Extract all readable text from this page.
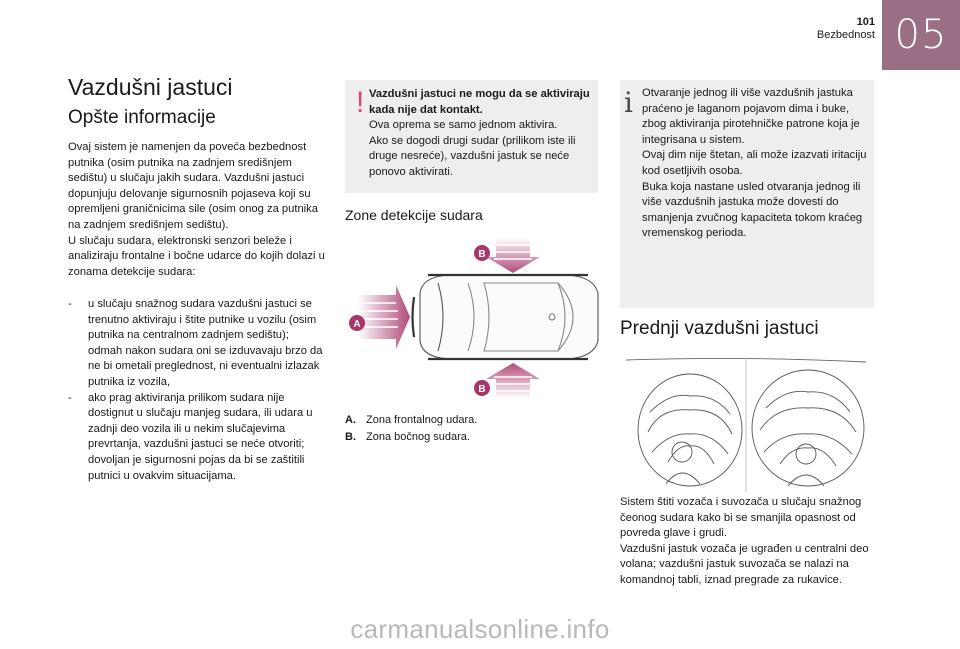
101
Bezbednost 05
Vazdušni jastuci
Opšte informacije
Ovaj sistem je namenjen da poveća bezbednost putnika (osim putnika na zadnjem središnjem sedištu) u slučaju jakih sudara. Vazdušni jastuci dopunjuju delovanje sigurnosnih pojaseva koji su opremljeni graničnicima sile (osim onog za putnika na zadnjem središnjem sedištu).
U slučaju sudara, elektronski senzori beleže i analiziraju frontalne i bočne udarce do kojih dolazi u zonama detekcije sudara:
-	u slučaju snažnog sudara vazdušni jastuci se trenutno aktiviraju i štite putnike u vozilu (osim putnika na centralnom zadnjem sedištu); odmah nakon sudara oni se izduvavaju brzo da ne bi ometali preglednost, ni eventualni izlazak putnika iz vozila,
-	ako prag aktiviranja prilikom sudara nije dostignut u slučaju manjeg sudara, ili udara u zadnji deo vozila ili u nekim slučajevima prevrtanja, vazdušni jastuci se neće otvoriti; dovoljan je sigurnosni pojas da bi se zaštitili putnici u ovakvim situacijama.
! Vazdušni jastuci ne mogu da se aktiviraju kada nije dat kontakt.
Ova oprema se samo jednom aktivira.
Ako se dogodi drugi sudar (prilikom iste ili druge nesreće), vazdušni jastuk se neće ponovo aktivirati.
Zone detekcije sudara
A
B
B
A. Zona frontalnog udara.
B. Zona bočnog sudara.
i Otvaranje jednog ili više vazdušnih jastuka praćeno je laganom pojavom dima i buke, zbog aktiviranja pirotehničke patrone koja je integrisana u sistem.
Ovaj dim nije štetan, ali može izazvati iritaciju kod osetljivih osoba.
Buka koja nastane usled otvaranja jednog ili više vazdušnih jastuka može dovesti do smanjenja zvučnog kapaciteta tokom kraćeg vremenskog perioda.
Prednji vazdušni jastuci
Sistem štiti vozača i suvozača u slučaju snažnog čeonog sudara kako bi se smanjila opasnost od povreda glave i grudi.
Vazdušni jastuk vozača je ugrađen u centralni deo volana; vazdušni jastuk suvozača se nalazi na komandnoj tabli, iznad pregrade za rukavice.
carmanualsonline.info
